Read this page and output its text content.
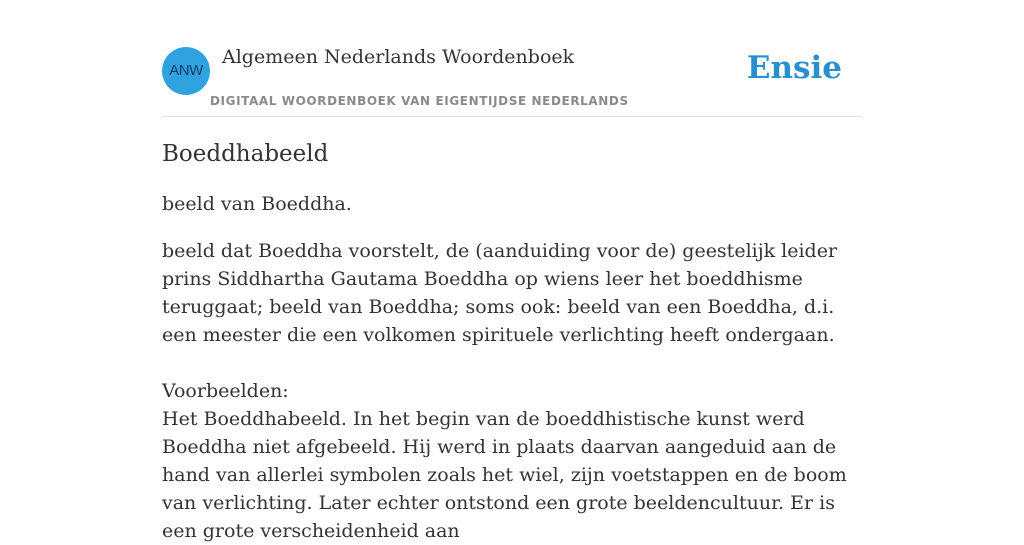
ANW
Algemeen Nederlands Woordenboek
DIGITAAL WOORDENBOEK VAN EIGENTIJDSE NEDERLANDS
Ensie
Boeddhabeeld

beeld van Boeddha.

beeld dat Boeddha voorstelt, de (aanduiding voor de) geestelijk leider prins Siddhartha Gautama Boeddha op wiens leer het boeddhisme teruggaat; beeld van Boeddha; soms ook: beeld van een Boeddha, d.i. een meester die een volkomen spirituele verlichting heeft ondergaan.

Voorbeelden:

Het Boeddhabeeld. In het begin van de boeddhistische kunst werd Boeddha niet afgebeeld. Hij werd in plaats daarvan aangeduid aan de hand van allerlei symbolen zoals het wiel, zijn voetstappen en de boom van verlichting. Later echter ontstond een grote beeldencultuur. Er is een grote verscheidenheid aan
